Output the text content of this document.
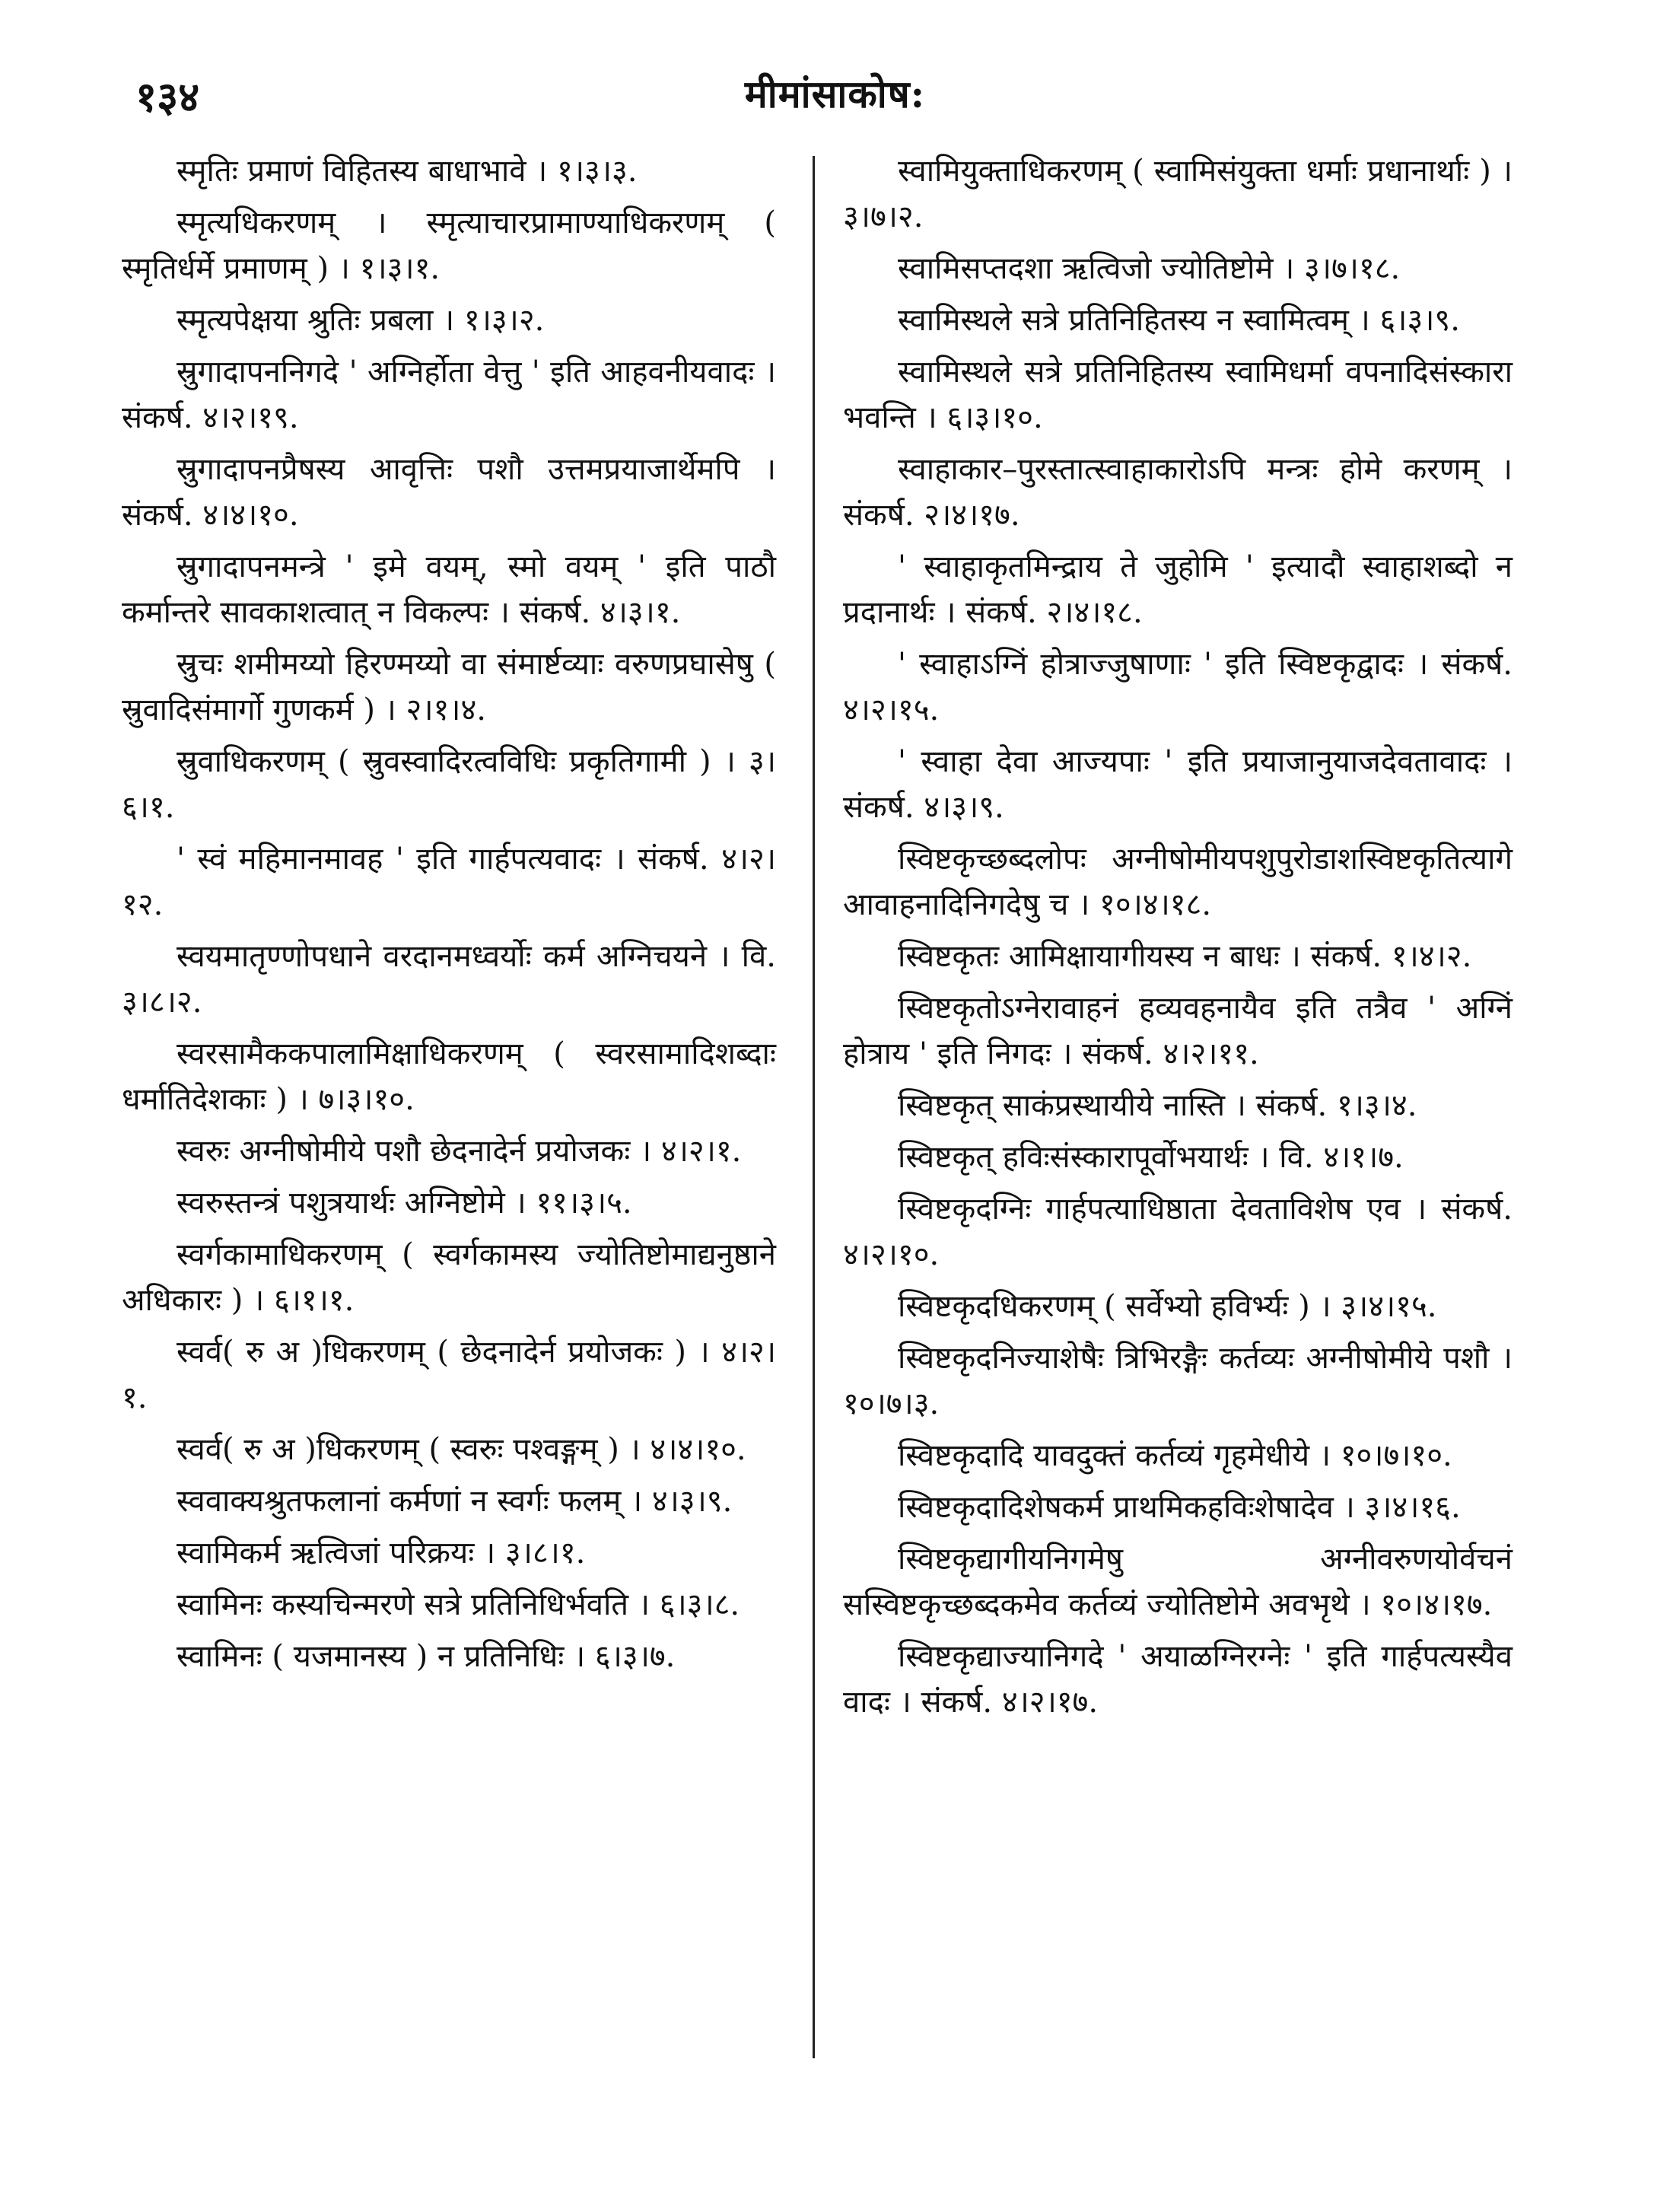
१३४	मीमांसाकोष:

स्मृतिः प्रमाणं विहितस्य बाधाभावे । १।३।३.

स्मृत्यधिकरणम् । स्मृत्याचारप्रामाण्याधिकरणम् ( स्मृतिर्धर्मे प्रमाणम् ) । १।३।१.

स्मृत्यपेक्षया श्रुतिः प्रबला । १।३।२.

स्रुगादापननिगदे ' अग्निर्होता वेत्तु ' इति आहवनीयवादः । संकर्ष. ४।२।१९.

स्रुगादापनप्रैषस्य आवृत्तिः पशौ उत्तमप्रयाजार्थेमपि । संकर्ष. ४।४।१०.

स्रुगादापनमन्त्रे ' इमे वयम्, स्मो वयम् ' इति पाठौ कर्मान्तरे सावकाशत्वात् न विकल्पः । संकर्ष. ४।३।१.

स्रुचः शमीमय्यो हिरण्मय्यो वा संमार्ष्टव्याः वरुणप्रघासेषु ( स्रुवादिसंमार्गो गुणकर्म ) । २।१।४.

स्रुवाधिकरणम् ( स्रुवस्वादिरत्वविधिः प्रकृतिगामी ) । ३।६।१.

' स्वं महिमानमावह ' इति गार्हपत्यवादः । संकर्ष. ४।२।१२.

स्वयमातृण्णोपधाने वरदानमध्वर्योः कर्म अग्निचयने । वि. ३।८।२.

स्वरसामैककपालामिक्षाधिकरणम् ( स्वरसामादिशब्दाः धर्मातिदेशकाः ) । ७।३।१०.

स्वरुः अग्नीषोमीये पशौ छेदनादेर्न प्रयोजकः । ४।२।१.

स्वरुस्तन्त्रं पशुत्रयार्थः अग्निष्टोमे । ११।३।५.

स्वर्गकामाधिकरणम् ( स्वर्गकामस्य ज्योतिष्टोमाद्यनुष्ठाने अधिकारः ) । ६।१।१.

स्वर्व( रु अ )धिकरणम् ( छेदनादेर्न प्रयोजकः ) । ४।२।१.

स्वर्व( रु अ )धिकरणम् ( स्वरुः पश्वङ्गम् ) । ४।४।१०.

स्ववाक्यश्रुतफलानां कर्मणां न स्वर्गः फलम् । ४।३।९.

स्वामिकर्म ऋत्विजां परिक्रयः । ३।८।१.

स्वामिनः कस्यचिन्मरणे सत्रे प्रतिनिधिर्भवति । ६।३।८.

स्वामिनः ( यजमानस्य ) न प्रतिनिधिः । ६।३।७.

स्वामियुक्ताधिकरणम् ( स्वामिसंयुक्ता धर्माः प्रधानार्थाः ) । ३।७।२.

स्वामिसप्तदशा ऋत्विजो ज्योतिष्टोमे । ३।७।१८.

स्वामिस्थले सत्रे प्रतिनिहितस्य न स्वामित्वम् । ६।३।९.

स्वामिस्थले सत्रे प्रतिनिहितस्य स्वामिधर्मा वपनादिसंस्कारा भवन्ति । ६।३।१०.

स्वाहाकार–पुरस्तात्स्वाहाकारोऽपि मन्त्रः होमे करणम् । संकर्ष. २।४।१७.

' स्वाहाकृतमिन्द्राय ते जुहोमि ' इत्यादौ स्वाहाशब्दो न प्रदानार्थः । संकर्ष. २।४।१८.

' स्वाहाऽग्निं होत्राज्जुषाणाः ' इति स्विष्टकृद्वादः । संकर्ष. ४।२।१५.

' स्वाहा देवा आज्यपाः ' इति प्रयाजानुयाजदेवतावादः । संकर्ष. ४।३।९.

स्विष्टकृच्छब्दलोपः अग्नीषोमीयपशुपुरोडाशस्विष्टकृतित्यागे आवाहनादिनिगदेषु च । १०।४।१८.

स्विष्टकृतः आमिक्षायागीयस्य न बाधः । संकर्ष. १।४।२.

स्विष्टकृतोऽग्नेरावाहनं हव्यवहनायैव इति तत्रैव ' अग्निं होत्राय ' इति निगदः । संकर्ष. ४।२।११.

स्विष्टकृत् साकंप्रस्थायीये नास्ति । संकर्ष. १।३।४.

स्विष्टकृत् हविःसंस्कारापूर्वोभयार्थः । वि. ४।१।७.

स्विष्टकृदग्निः गार्हपत्याधिष्ठाता देवताविशेष एव । संकर्ष. ४।२।१०.

स्विष्टकृदधिकरणम् ( सर्वेभ्यो हविर्भ्यः ) । ३।४।१५.

स्विष्टकृदनिज्याशेषैः त्रिभिरङ्गैः कर्तव्यः अग्नीषोमीये पशौ । १०।७।३.

स्विष्टकृदादि यावदुक्तं कर्तव्यं गृहमेधीये । १०।७।१०.

स्विष्टकृदादिशेषकर्म प्राथमिकहविःशेषादेव । ३।४।१६.

स्विष्टकृद्यागीयनिगमेषु अग्नीवरुणयोर्वचनं सस्विष्टकृच्छब्दकमेव कर्तव्यं ज्योतिष्टोमे अवभृथे । १०।४।१७.

स्विष्टकृद्याज्यानिगदे ' अयाळग्निरग्नेः ' इति गार्हपत्यस्यैव वादः । संकर्ष. ४।२।१७.
